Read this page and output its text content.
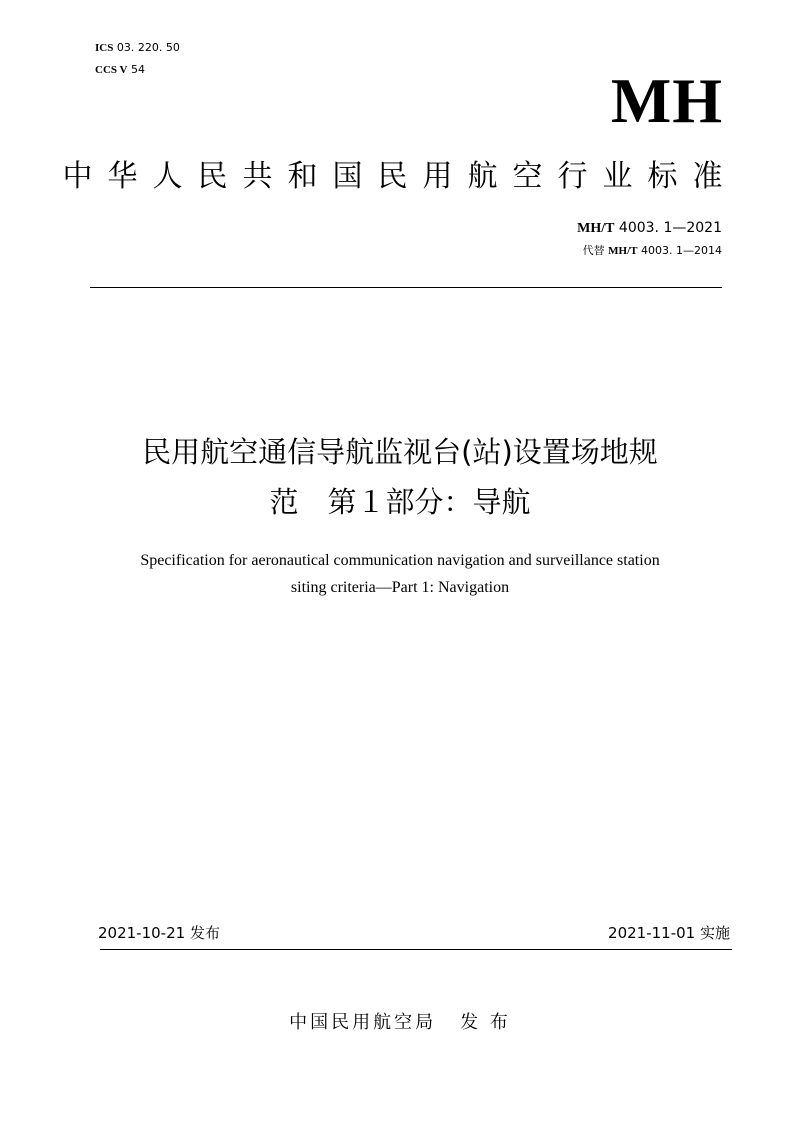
ICS 03. 220. 50
CCS V 54	MH
中华人民共和国民用航空行业标准
MH/T 4003. 1—2021
代替 MH/T 4003. 1—2014
民用航空通信导航监视台(站)设置场地规
范　第１部分：导航
Specification for aeronautical communication navigation and surveillance station
siting criteria—Part 1: Navigation
2021-10-21 发布	2021-11-01 实施
中国民用航空局 发 布
